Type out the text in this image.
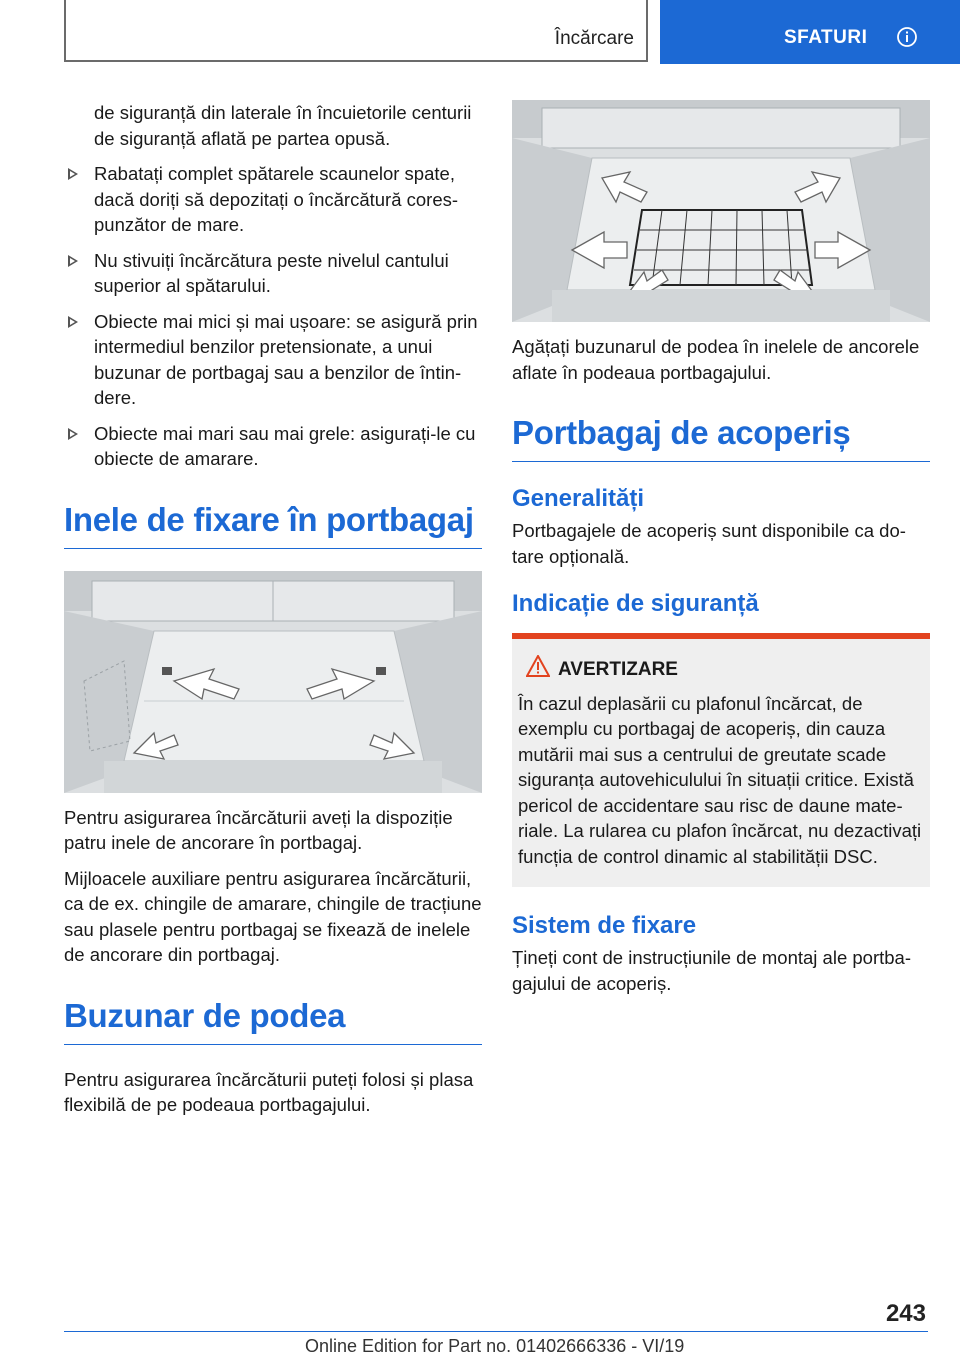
Încărcare	SFATURI

de siguranță din laterale în încuietorile centurii de siguranță aflată pe partea opusă.

Rabatați complet spătarele scaunelor spate, dacă doriți să depozitați o încărcătură corespunzător de mare.
Nu stivuiți încărcătura peste nivelul cantului superior al spătarului.
Obiecte mai mici și mai ușoare: se asigură prin intermediul benzilor pretensionate, a unui buzunar de portbagaj sau a benzilor de întindere.
Obiecte mai mari sau mai grele: asigurați-le cu obiecte de amarare.
Inele de fixare în portbagaj

Pentru asigurarea încărcăturii aveți la dispoziție patru inele de ancorare în portbagaj.

Mijloacele auxiliare pentru asigurarea încărcăturii, ca de ex. chingile de amarare, chingile de tracțiune sau plasele pentru portbagaj se fixează de inelele de ancorare din portbagaj.

Buzunar de podea

Pentru asigurarea încărcăturii puteți folosi și plasa flexibilă de pe podeaua portbagajului.

Agățați buzunarul de podea în inelele de ancorele aflate în podeaua portbagajului.

Portbagaj de acoperiș
Generalități

Portbagajele de acoperiș sunt disponibile ca dotare opțională.

Indicație de siguranță
AVERTIZARE
În cazul deplasării cu plafonul încărcat, de exemplu cu portbagaj de acoperiș, din cauza mutării mai sus a centrului de greutate scade siguranța autovehiculului în situații critice. Există pericol de accidentare sau risc de daune materiale. La rularea cu plafon încărcat, nu dezactivați funcția de control dinamic al stabilității DSC.
Sistem de fixare

Țineți cont de instrucțiunile de montaj ale portbagajului de acoperiș.

243
Online Edition for Part no. 01402666336 - VI/19
